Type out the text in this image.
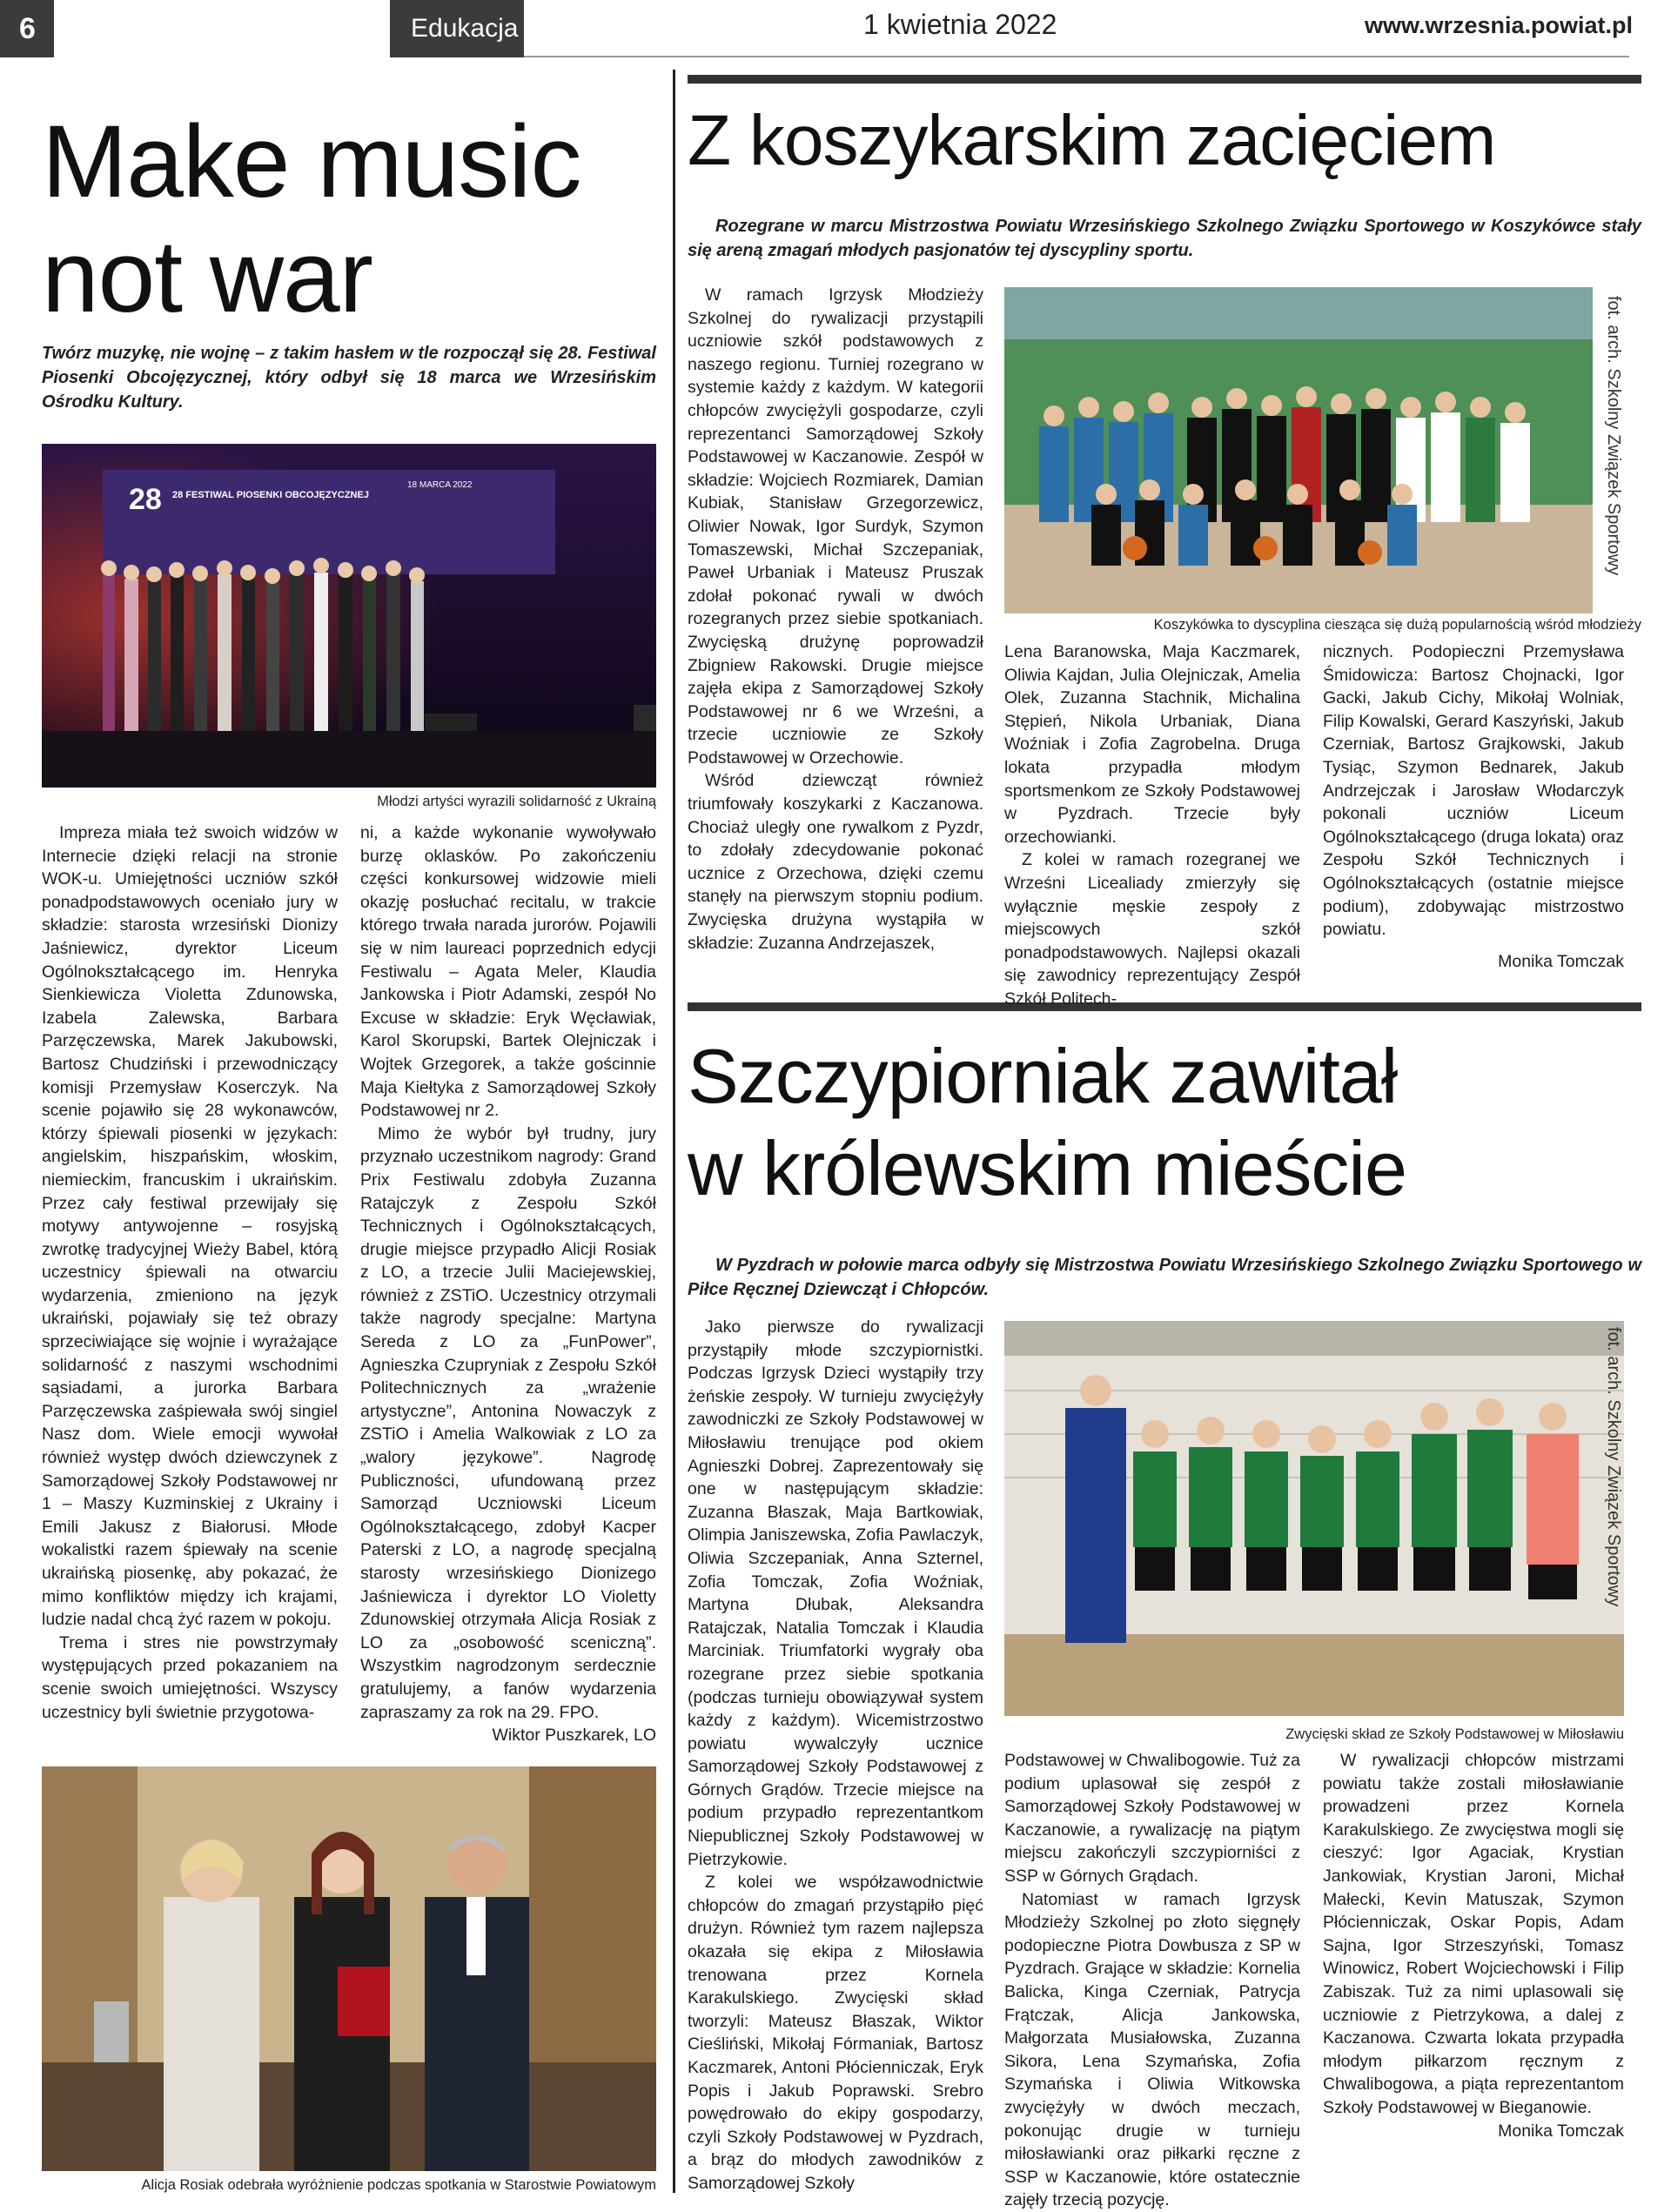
6	Edukacja	1 kwietnia 2022	www.wrzesnia.powiat.pl
Make music
not war

Twórz muzykę, nie wojnę – z takim hasłem w tle rozpoczął się 28. Festiwal Piosenki Obcojęzycznej, który odbył się 18 marca we Wrzesińskim Ośrodku Kultury.

28 28 FESTIWAL PIOSENKI OBCOJĘZYCZNEJ
18 MARCA 2022
Młodzi artyści wyrazili solidarność z Ukrainą

Impreza miała też swoich widzów w Internecie dzięki relacji na stronie WOK-u. Umiejętności uczniów szkół ponadpodstawowych oceniało jury w składzie: starosta wrzesiński Dionizy Jaśniewicz, dyrektor Liceum Ogólnokształcącego im. Henryka Sienkiewicza Violetta Zdunowska, Izabela Zalewska, Barbara Parzęczewska, Marek Jakubowski, Bartosz Chudziński i przewodniczący komisji Przemysław Koserczyk. Na scenie pojawiło się 28 wykonawców, którzy śpiewali piosenki w językach: angielskim, hiszpańskim, włoskim, niemieckim, francuskim i ukraińskim. Przez cały festiwal przewijały się motywy antywojenne – rosyjską zwrotkę tradycyjnej Wieży Babel, którą uczestnicy śpiewali na otwarciu wydarzenia, zmieniono na język ukraiński, pojawiały się też obrazy sprzeciwiające się wojnie i wyrażające solidarność z naszymi wschodnimi sąsiadami, a jurorka Barbara Parzęczewska zaśpiewała swój singiel Nasz dom. Wiele emocji wywołał również występ dwóch dziewczynek z Samorządowej Szkoły Podstawowej nr 1 – Maszy Kuzminskiej z Ukrainy i Emili Jakusz z Białorusi. Młode wokalistki razem śpiewały na scenie ukraińską piosenkę, aby pokazać, że mimo konfliktów między ich krajami, ludzie nadal chcą żyć razem w pokoju.

Trema i stres nie powstrzymały występujących przed pokazaniem na scenie swoich umiejętności. Wszyscy uczestnicy byli świetnie przygotowa-

ni, a każde wykonanie wywoływało burzę oklasków. Po zakończeniu części konkursowej widzowie mieli okazję posłuchać recitalu, w trakcie którego trwała narada jurorów. Pojawili się w nim laureaci poprzednich edycji Festiwalu – Agata Meler, Klaudia Jankowska i Piotr Adamski, zespół No Excuse w składzie: Eryk Węcławiak, Karol Skorupski, Bartek Olejniczak i Wojtek Grzegorek, a także gościnnie Maja Kiełtyka z Samorządowej Szkoły Podstawowej nr 2.

Mimo że wybór był trudny, jury przyznało uczestnikom nagrody: Grand Prix Festiwalu zdobyła Zuzanna Ratajczyk z Zespołu Szkół Technicznych i Ogólnokształcących, drugie miejsce przypadło Alicji Rosiak z LO, a trzecie Julii Maciejewskiej, również z ZSTiO. Uczestnicy otrzymali także nagrody specjalne: Martyna Sereda z LO za „FunPower”, Agnieszka Czupryniak z Zespołu Szkół Politechnicznych za „wrażenie artystyczne”, Antonina Nowaczyk z ZSTiO i Amelia Walkowiak z LO za „walory językowe”. Nagrodę Publiczności, ufundowaną przez Samorząd Uczniowski Liceum Ogólnokształcącego, zdobył Kacper Paterski z LO, a nagrodę specjalną starosty wrzesińskiego Dionizego Jaśniewicza i dyrektor LO Violetty Zdunowskiej otrzymała Alicja Rosiak z LO za „osobowość sceniczną”. Wszystkim nagrodzonym serdecznie gratulujemy, a fanów wydarzenia zapraszamy za rok na 29. FPO.

Wiktor Puszkarek, LO

Alicja Rosiak odebrała wyróżnienie podczas spotkania w Starostwie Powiatowym
Z koszykarskim zacięciem

Rozegrane w marcu Mistrzostwa Powiatu Wrzesińskiego Szkolnego Związku Sportowego w Koszykówce stały się areną zmagań młodych pasjonatów tej dyscypliny sportu.

W ramach Igrzysk Młodzieży Szkolnej do rywalizacji przystąpili uczniowie szkół podstawowych z naszego regionu. Turniej rozegrano w systemie każdy z każdym. W kategorii chłopców zwyciężyli gospodarze, czyli reprezentanci Samorządowej Szkoły Podstawowej w Kaczanowie. Zespół w składzie: Wojciech Rozmiarek, Damian Kubiak, Stanisław Grzegorzewicz, Oliwier Nowak, Igor Surdyk, Szymon Tomaszewski, Michał Szczepaniak, Paweł Urbaniak i Mateusz Pruszak zdołał pokonać rywali w dwóch rozegranych przez siebie spotkaniach. Zwycięską drużynę poprowadził Zbigniew Rakowski. Drugie miejsce zajęła ekipa z Samorządowej Szkoły Podstawowej nr 6 we Wrześni, a trzecie uczniowie ze Szkoły Podstawowej w Orzechowie.

Wśród dziewcząt również triumfowały koszykarki z Kaczanowa. Chociaż uległy one rywalkom z Pyzdr, to zdołały zdecydowanie pokonać ucznice z Orzechowa, dzięki czemu stanęły na pierwszym stopniu podium. Zwycięska drużyna wystąpiła w składzie: Zuzanna Andrzejaszek,

fot. arch. Szkolny Związek Sportowy
Koszykówka to dyscyplina ciesząca się dużą popularnością wśród młodzieży

Lena Baranowska, Maja Kaczmarek, Oliwia Kajdan, Julia Olejniczak, Amelia Olek, Zuzanna Stachnik, Michalina Stępień, Nikola Urbaniak, Diana Woźniak i Zofia Zagrobelna. Druga lokata przypadła młodym sportsmenkom ze Szkoły Podstawowej w Pyzdrach. Trzecie były orzechowianki.

Z kolei w ramach rozegranej we Wrześni Licealiady zmierzyły się wyłącznie męskie zespoły z miejscowych szkół ponadpodstawowych. Najlepsi okazali się zawodnicy reprezentujący Zespół Szkół Politech-

nicznych. Podopieczni Przemysława Śmidowicza: Bartosz Chojnacki, Igor Gacki, Jakub Cichy, Mikołaj Wolniak, Filip Kowalski, Gerard Kaszyński, Jakub Czerniak, Bartosz Grajkowski, Jakub Tysiąc, Szymon Bednarek, Jakub Andrzejczak i Jarosław Włodarczyk pokonali uczniów Liceum Ogólnokształcącego (druga lokata) oraz Zespołu Szkół Technicznych i Ogólnokształcących (ostatnie miejsce podium), zdobywając mistrzostwo powiatu.

Monika Tomczak

Szczypiorniak zawitał
w królewskim mieście

W Pyzdrach w połowie marca odbyły się Mistrzostwa Powiatu Wrzesińskiego Szkolnego Związku Sportowego w Piłce Ręcznej Dziewcząt i Chłopców.

Jako pierwsze do rywalizacji przystąpiły młode szczypiornistki. Podczas Igrzysk Dzieci wystąpiły trzy żeńskie zespoły. W turnieju zwyciężyły zawodniczki ze Szkoły Podstawowej w Miłosławiu trenujące pod okiem Agnieszki Dobrej. Zaprezentowały się one w następującym składzie: Zuzanna Błaszak, Maja Bartkowiak, Olimpia Janiszewska, Zofia Pawlaczyk, Oliwia Szczepaniak, Anna Szternel, Zofia Tomczak, Zofia Woźniak, Martyna Dłubak, Aleksandra Ratajczak, Natalia Tomczak i Klaudia Marciniak. Triumfatorki wygrały oba rozegrane przez siebie spotkania (podczas turnieju obowiązywał system każdy z każdym). Wicemistrzostwo powiatu wywalczyły ucznice Samorządowej Szkoły Podstawowej z Górnych Grądów. Trzecie miejsce na podium przypadło reprezentantkom Niepublicznej Szkoły Podstawowej w Pietrzykowie.

Z kolei we współzawodnictwie chłopców do zmagań przystąpiło pięć drużyn. Również tym razem najlepsza okazała się ekipa z Miłosławia trenowana przez Kornela Karakulskiego. Zwycięski skład tworzyli: Mateusz Błaszak, Wiktor Cieśliński, Mikołaj Fórmaniak, Bartosz Kaczmarek, Antoni Płócienniczak, Eryk Popis i Jakub Poprawski. Srebro powędrowało do ekipy gospodarzy, czyli Szkoły Podstawowej w Pyzdrach, a brąz do młodych zawodników z Samorządowej Szkoły

fot. arch. Szkolny Związek Sportowy
Zwycięski skład ze Szkoły Podstawowej w Miłosławiu

Podstawowej w Chwalibogowie. Tuż za podium uplasował się zespół z Samorządowej Szkoły Podstawowej w Kaczanowie, a rywalizację na piątym miejscu zakończyli szczypiorniści z SSP w Górnych Grądach.

Natomiast w ramach Igrzysk Młodzieży Szkolnej po złoto sięgnęły podopieczne Piotra Dowbusza z SP w Pyzdrach. Grające w składzie: Kornelia Balicka, Kinga Czerniak, Patrycja Frątczak, Alicja Jankowska, Małgorzata Musiałowska, Zuzanna Sikora, Lena Szymańska, Zofia Szymańska i Oliwia Witkowska zwyciężyły w dwóch meczach, pokonując drugie w turnieju miłosławianki oraz piłkarki ręczne z SSP w Kaczanowie, które ostatecznie zajęły trzecią pozycję.

W rywalizacji chłopców mistrzami powiatu także zostali miłosławianie prowadzeni przez Kornela Karakulskiego. Ze zwycięstwa mogli się cieszyć: Igor Agaciak, Krystian Jankowiak, Krystian Jaroni, Michał Małecki, Kevin Matuszak, Szymon Płócienniczak, Oskar Popis, Adam Sajna, Igor Strzeszyński, Tomasz Winowicz, Robert Wojciechowski i Filip Zabiszak. Tuż za nimi uplasowali się uczniowie z Pietrzykowa, a dalej z Kaczanowa. Czwarta lokata przypadła młodym piłkarzom ręcznym z Chwalibogowa, a piąta reprezentantom Szkoły Podstawowej w Bieganowie.

Monika Tomczak
